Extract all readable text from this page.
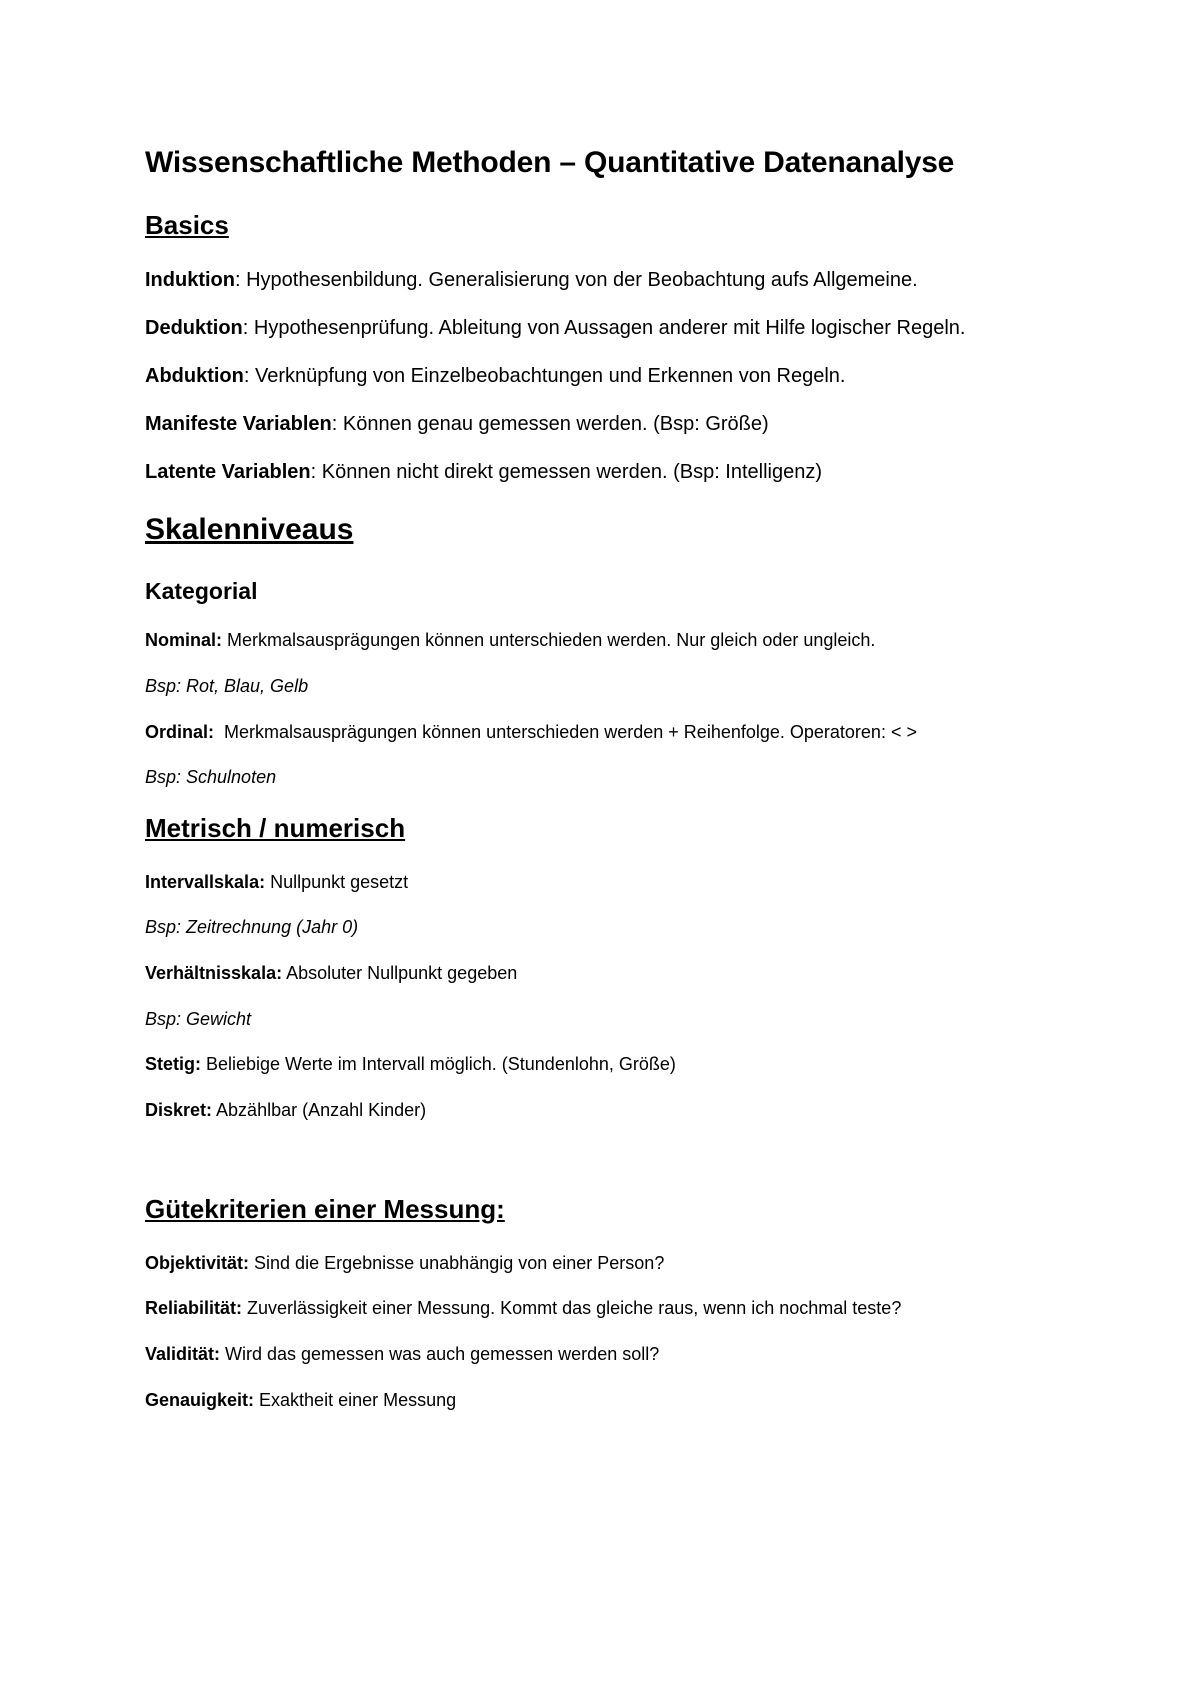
Wissenschaftliche Methoden – Quantitative Datenanalyse
Basics

Induktion: Hypothesenbildung. Generalisierung von der Beobachtung aufs Allgemeine.

Deduktion: Hypothesenprüfung. Ableitung von Aussagen anderer mit Hilfe logischer Regeln.

Abduktion: Verknüpfung von Einzelbeobachtungen und Erkennen von Regeln.

Manifeste Variablen: Können genau gemessen werden. (Bsp: Größe)

Latente Variablen: Können nicht direkt gemessen werden. (Bsp: Intelligenz)

Skalenniveaus
Kategorial

Nominal: Merkmalsausprägungen können unterschieden werden. Nur gleich oder ungleich.

Bsp: Rot, Blau, Gelb

Ordinal:  Merkmalsausprägungen können unterschieden werden + Reihenfolge. Operatoren: < >

Bsp: Schulnoten

Metrisch / numerisch

Intervallskala: Nullpunkt gesetzt

Bsp: Zeitrechnung (Jahr 0)

Verhältnisskala: Absoluter Nullpunkt gegeben

Bsp: Gewicht

Stetig: Beliebige Werte im Intervall möglich. (Stundenlohn, Größe)

Diskret: Abzählbar (Anzahl Kinder)

Gütekriterien einer Messung:

Objektivität: Sind die Ergebnisse unabhängig von einer Person?

Reliabilität: Zuverlässigkeit einer Messung. Kommt das gleiche raus, wenn ich nochmal teste?

Validität: Wird das gemessen was auch gemessen werden soll?

Genauigkeit: Exaktheit einer Messung
